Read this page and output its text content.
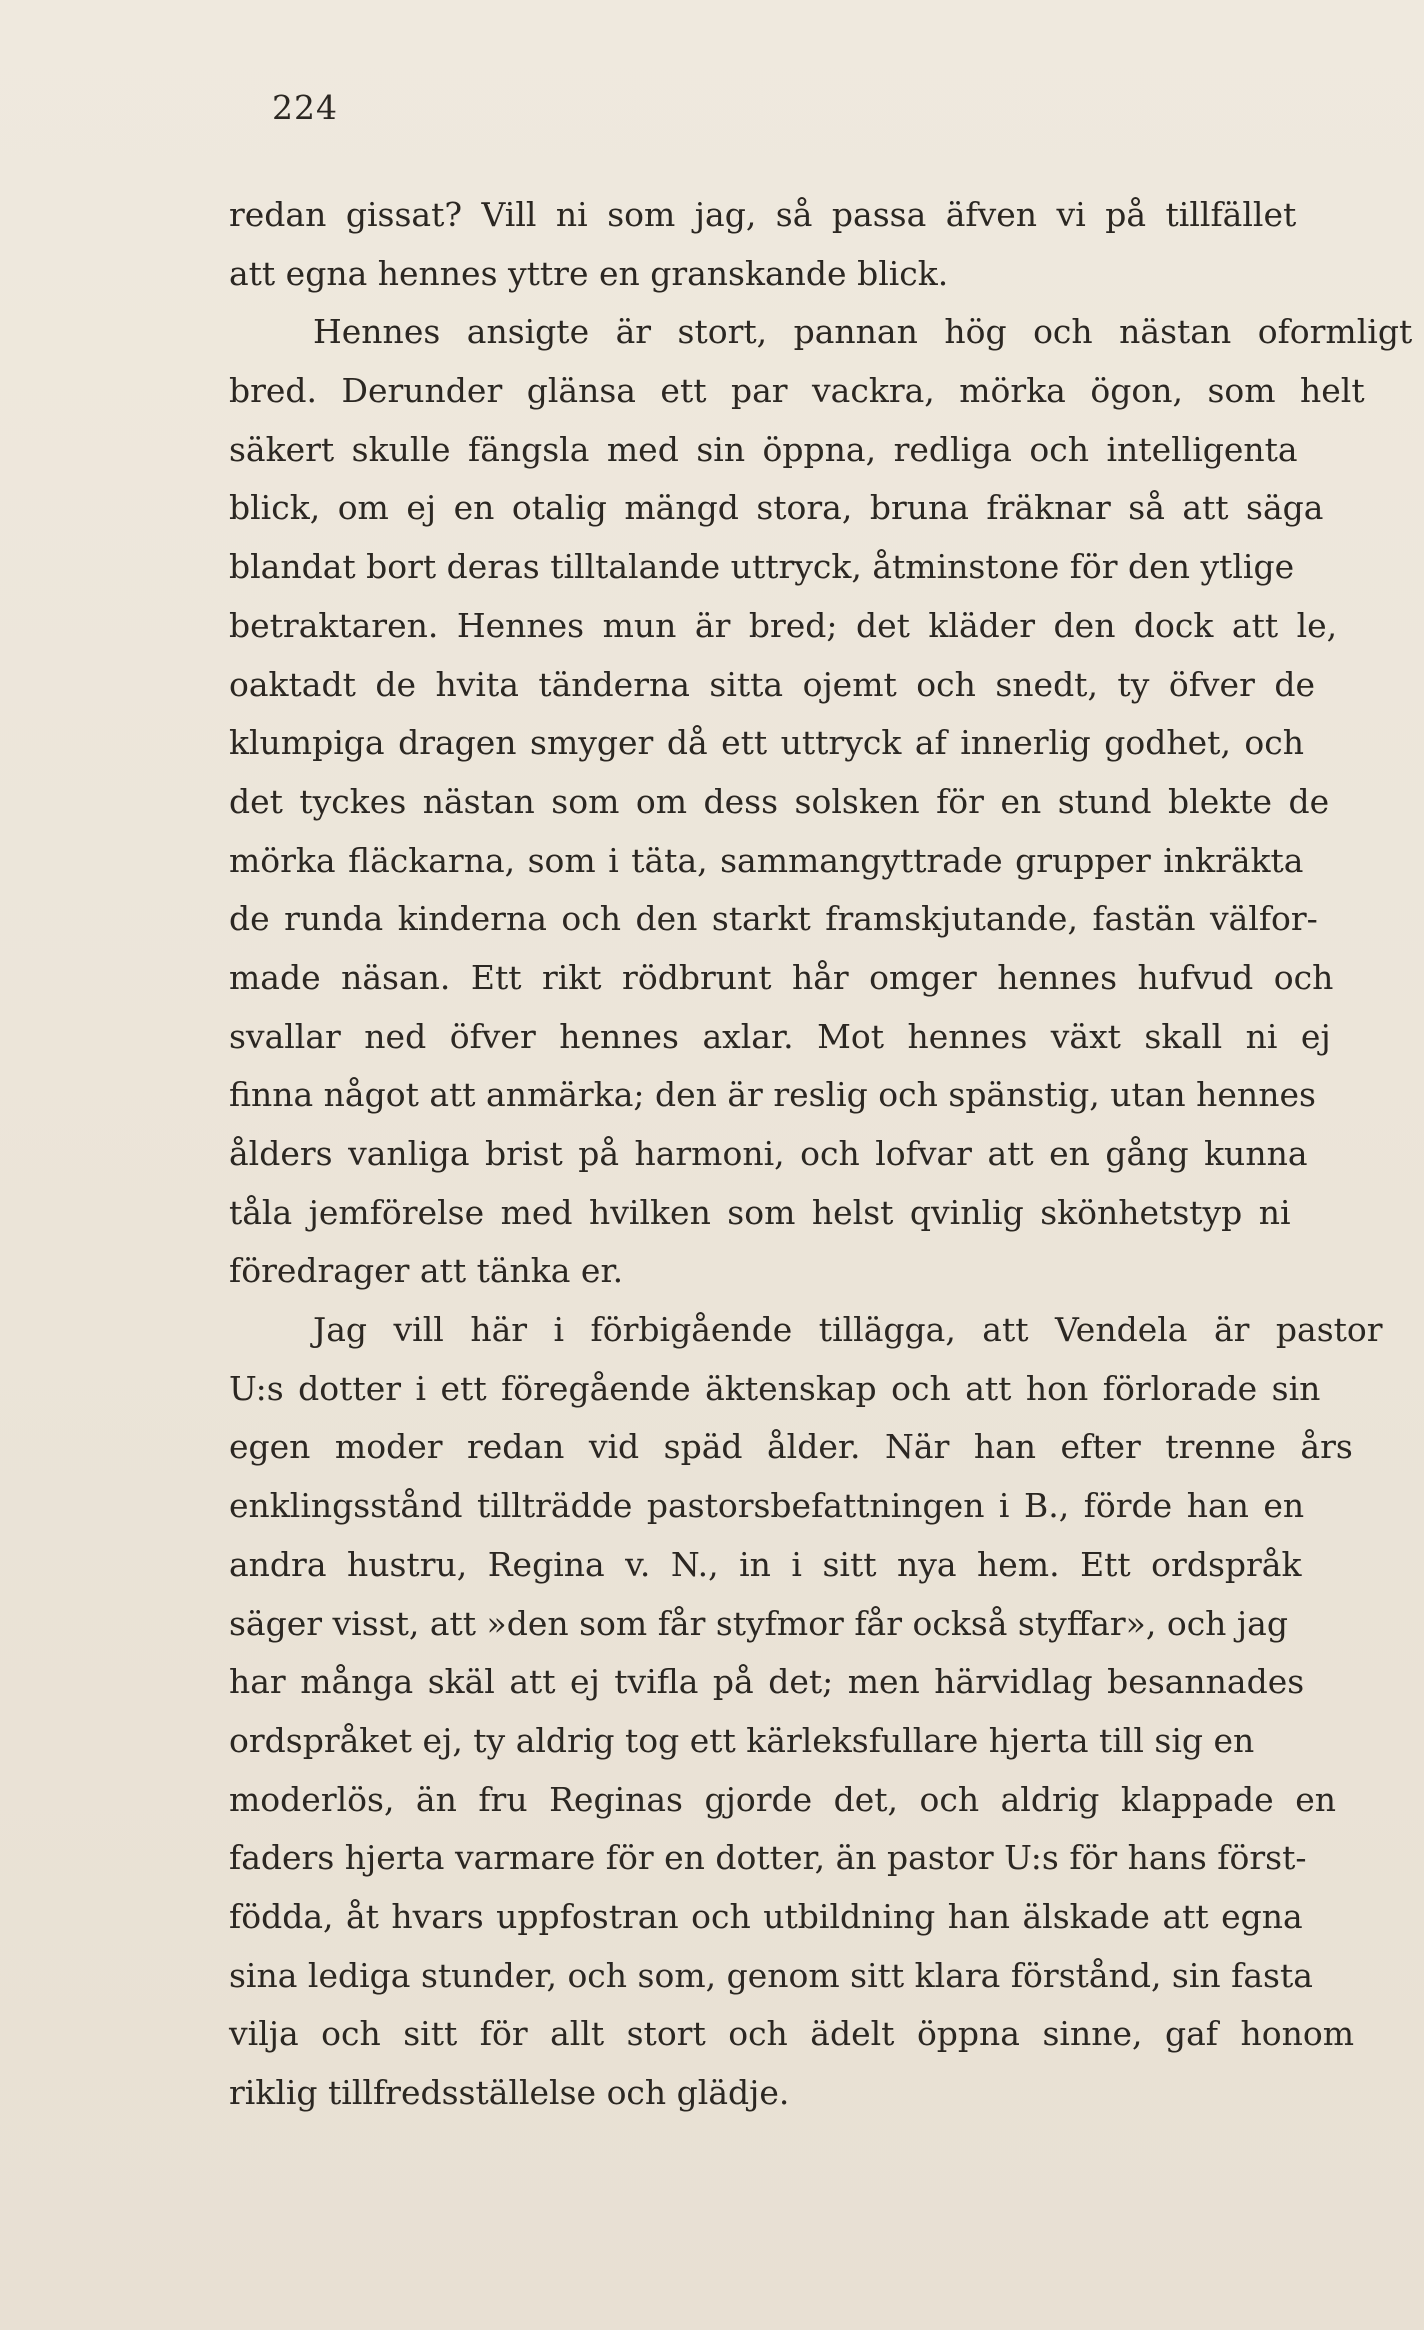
224
redan gissat? Vill ni som jag, så passa äfven vi på tillfället
att egna hennes yttre en granskande blick.
Hennes ansigte är stort, pannan hög och nästan oformligt
bred. Derunder glänsa ett par vackra, mörka ögon, som helt
säkert skulle fängsla med sin öppna, redliga och intelligenta
blick, om ej en otalig mängd stora, bruna fräknar så att säga
blandat bort deras tilltalande uttryck, åtminstone för den ytlige
betraktaren. Hennes mun är bred; det kläder den dock att le,
oaktadt de hvita tänderna sitta ojemt och snedt, ty öfver de
klumpiga dragen smyger då ett uttryck af innerlig godhet, och
det tyckes nästan som om dess solsken för en stund blekte de
mörka fläckarna, som i täta, sammangyttrade grupper inkräkta
de runda kinderna och den starkt framskjutande, fastän välfor-
made näsan. Ett rikt rödbrunt hår omger hennes hufvud och
svallar ned öfver hennes axlar. Mot hennes växt skall ni ej
finna något att anmärka; den är reslig och spänstig, utan hennes
ålders vanliga brist på harmoni, och lofvar att en gång kunna
tåla jemförelse med hvilken som helst qvinlig skönhetstyp ni
föredrager att tänka er.
Jag vill här i förbigående tillägga, att Vendela är pastor
U:s dotter i ett föregående äktenskap och att hon förlorade sin
egen moder redan vid späd ålder. När han efter trenne års
enklingsstånd tillträdde pastorsbefattningen i B., förde han en
andra hustru, Regina v. N., in i sitt nya hem. Ett ordspråk
säger visst, att »den som får styfmor får också styffar», och jag
har många skäl att ej tvifla på det; men härvidlag besannades
ordspråket ej, ty aldrig tog ett kärleksfullare hjerta till sig en
moderlös, än fru Reginas gjorde det, och aldrig klappade en
faders hjerta varmare för en dotter, än pastor U:s för hans först-
födda, åt hvars uppfostran och utbildning han älskade att egna
sina lediga stunder, och som, genom sitt klara förstånd, sin fasta
vilja och sitt för allt stort och ädelt öppna sinne, gaf honom
riklig tillfredsställelse och glädje.
